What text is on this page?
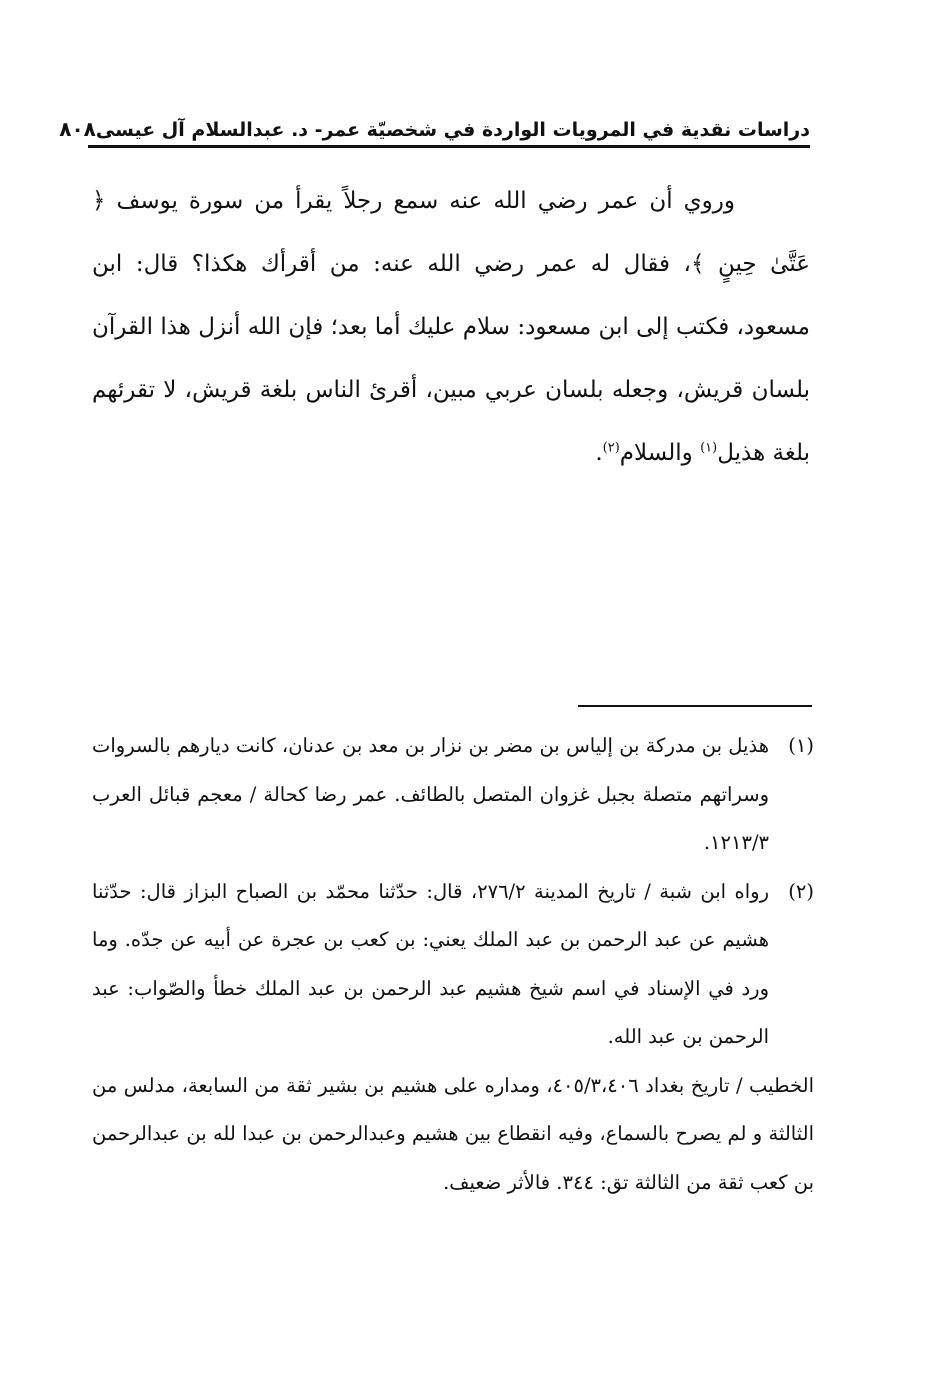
دراسات نقدية في المرويات الواردة في شخصيّة عمر- د. عبدالسلام آل عيسى
٨٠٨

وروي أن عمر رضي الله عنه سمع رجلاً يقرأ من سورة يوسف ﴿ عَتَّىٰ حِينٍ ﴾، فقال له عمر رضي الله عنه: من أقرأك هكذا؟ قال: ابن مسعود، فكتب إلى ابن مسعود: سلام عليك أما بعد؛ فإن الله أنزل هذا القرآن بلسان قريش، وجعله بلسان عربي مبين، أقرئ الناس بلغة قريش، لا تقرئهم بلغة هذيل$^{(١)}$ والسلام$^{(٢)}$.

(١)هذيل بن مدركة بن إلياس بن مضر بن نزار بن معد بن عدنان، كانت ديارهم بالسروات وسراتهم متصلة بجبل غزوان المتصل بالطائف. عمر رضا كحالة / معجم قبائل العرب ١٢١٣/٣.

(٢)رواه ابن شبة / تاريخ المدينة ٢٧٦/٢، قال: حدّثنا محمّد بن الصباح البزاز قال: حدّثنا هشيم عن عبد الرحمن بن عبد الملك يعني: بن كعب بن عجرة عن أبيه عن جدّه. وما ورد في الإسناد في اسم شيخ هشيم عبد الرحمن بن عبد الملك خطأ والصّواب: عبد الرحمن بن عبد الله.

الخطيب / تاريخ بغداد ٤٠٥/٣،٤٠٦، ومداره على هشيم بن بشير ثقة من السابعة، مدلس من الثالثة و لم يصرح بالسماع، وفيه انقطاع بين هشيم وعبدالرحمن بن عبدا لله بن عبدالرحمن بن كعب ثقة من الثالثة تق: ٣٤٤. فالأثر ضعيف.
